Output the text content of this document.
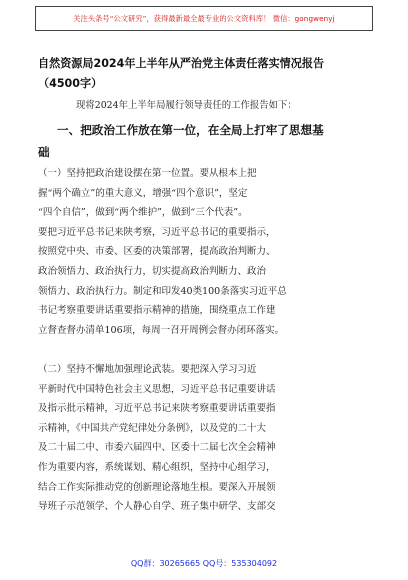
关注头条号“公文研究”，获得最新最全最专业的公文资料库！ 微信：gongwenyj
自然资源局2024年上半年从严治党主体责任落实情况报告
（4500字）
现将2024年上半年局履行领导责任的工作报告如下：
一、把政治工作放在第一位，在全局上打牢了思想基
础
（一）坚持把政治建设摆在第一位置。要从根本上把
握“两个确立”的重大意义，增强“四个意识”，坚定
“四个自信”，做到“两个维护”，做到“三个代表”。
要把习近平总书记来陕考察，习近平总书记的重要指示，
按照党中央、市委、区委的决策部署，提高政治判断力、
政治领悟力、政治执行力，切实提高政治判断力、政治
领悟力、政治执行力。制定和印发40类100条落实习近平总
书记考察重要讲话重要指示精神的措施，围绕重点工作建
立督查督办清单106项，每周一召开周例会督办闭环落实。
（二）坚持不懈地加强理论武装。要把深入学习习近
平新时代中国特色社会主义思想，习近平总书记重要讲话
及指示批示精神，习近平总书记来陕考察重要讲话重要指
示精神，《中国共产党纪律处分条例》，以及党的二十大
及二十届二中、市委六届四中、区委十二届七次全会精神
作为重要内容，系统谋划、精心组织，坚持中心组学习，
结合工作实际推动党的创新理论落地生根。要深入开展领
导班子示范领学、个人静心自学、班子集中研学、支部交
QQ群：30265665 QQ号：535304092
